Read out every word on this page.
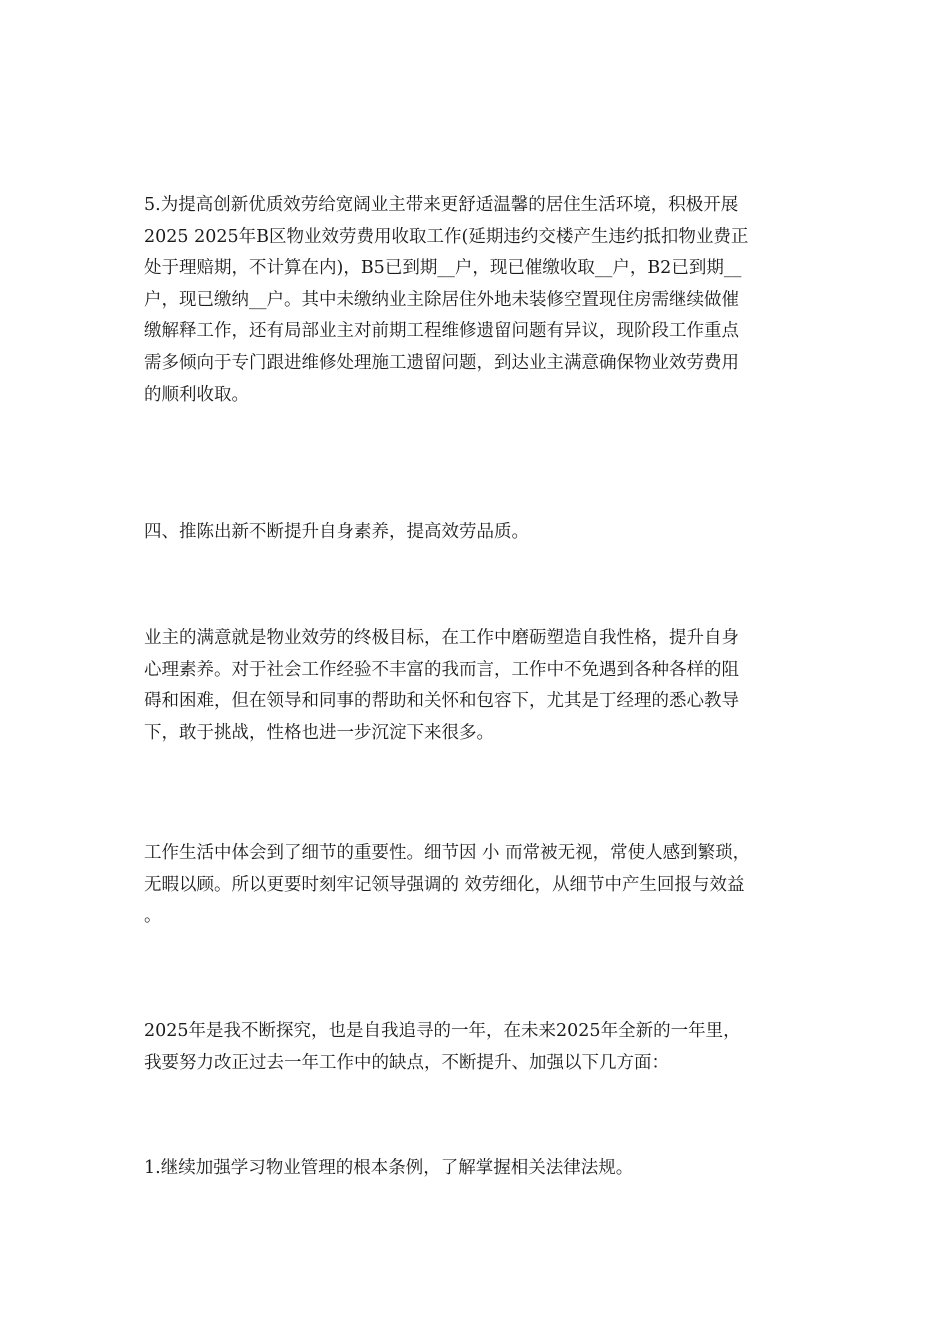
5.为提高创新优质效劳给宽阔业主带来更舒适温馨的居住生活环境，积极开展
2025 2025年B区物业效劳费用收取工作(延期违约交楼产生违约抵扣物业费正
处于理赔期，不计算在内)，B5已到期__户，现已催缴收取__户，B2已到期__
户，现已缴纳__户。其中未缴纳业主除居住外地未装修空置现住房需继续做催
缴解释工作，还有局部业主对前期工程维修遗留问题有异议，现阶段工作重点
需多倾向于专门跟进维修处理施工遗留问题，到达业主满意确保物业效劳费用
的顺利收取。

四、推陈出新不断提升自身素养，提高效劳品质。

业主的满意就是物业效劳的终极目标，在工作中磨砺塑造自我性格，提升自身
心理素养。对于社会工作经验不丰富的我而言，工作中不免遇到各种各样的阻
碍和困难，但在领导和同事的帮助和关怀和包容下，尤其是丁经理的悉心教导
下，敢于挑战，性格也进一步沉淀下来很多。

工作生活中体会到了细节的重要性。细节因 小 而常被无视，常使人感到繁琐，
无暇以顾。所以更要时刻牢记领导强调的 效劳细化，从细节中产生回报与效益
。

2025年是我不断探究，也是自我追寻的一年，在未来2025年全新的一年里，
我要努力改正过去一年工作中的缺点，不断提升、加强以下几方面：

1.继续加强学习物业管理的根本条例，了解掌握相关法律法规。
